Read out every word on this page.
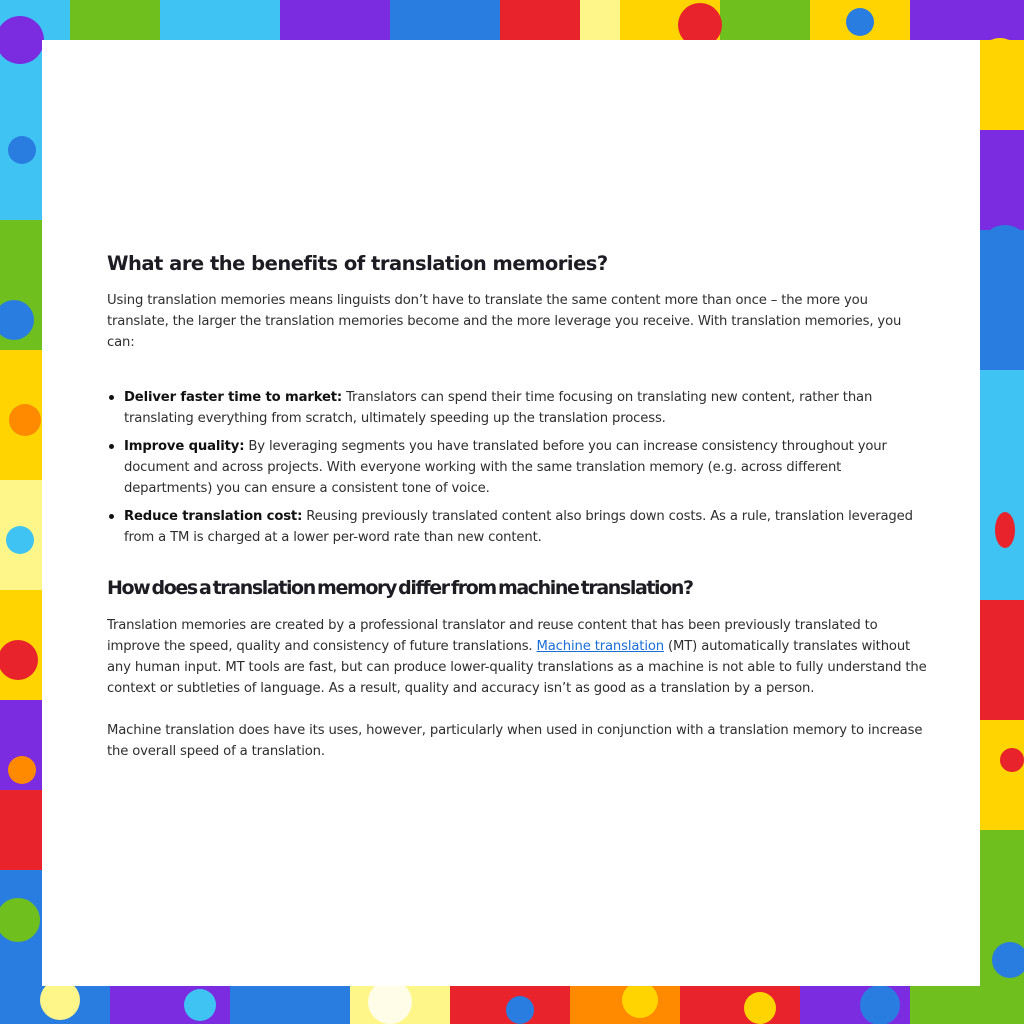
What are the benefits of translation memories?

Using translation memories means linguists don’t have to translate the same content more than once – the more you translate, the larger the translation memories become and the more leverage you receive. With translation memories, you can:

Deliver faster time to market: Translators can spend their time focusing on translating new content, rather than translating everything from scratch, ultimately speeding up the translation process.
Improve quality: By leveraging segments you have translated before you can increase consistency throughout your document and across projects. With everyone working with the same translation memory (e.g. across different departments) you can ensure a consistent tone of voice.
Reduce translation cost: Reusing previously translated content also brings down costs. As a rule, translation leveraged from a TM is charged at a lower per-word rate than new content.
How does a translation memory differ from machine translation?

Translation memories are created by a professional translator and reuse content that has been previously translated to improve the speed, quality and consistency of future translations. Machine translation (MT) automatically translates without any human input. MT tools are fast, but can produce lower-quality translations as a machine is not able to fully understand the context or subtleties of language. As a result, quality and accuracy isn’t as good as a translation by a person.

Machine translation does have its uses, however, particularly when used in conjunction with a translation memory to increase the overall speed of a translation.
